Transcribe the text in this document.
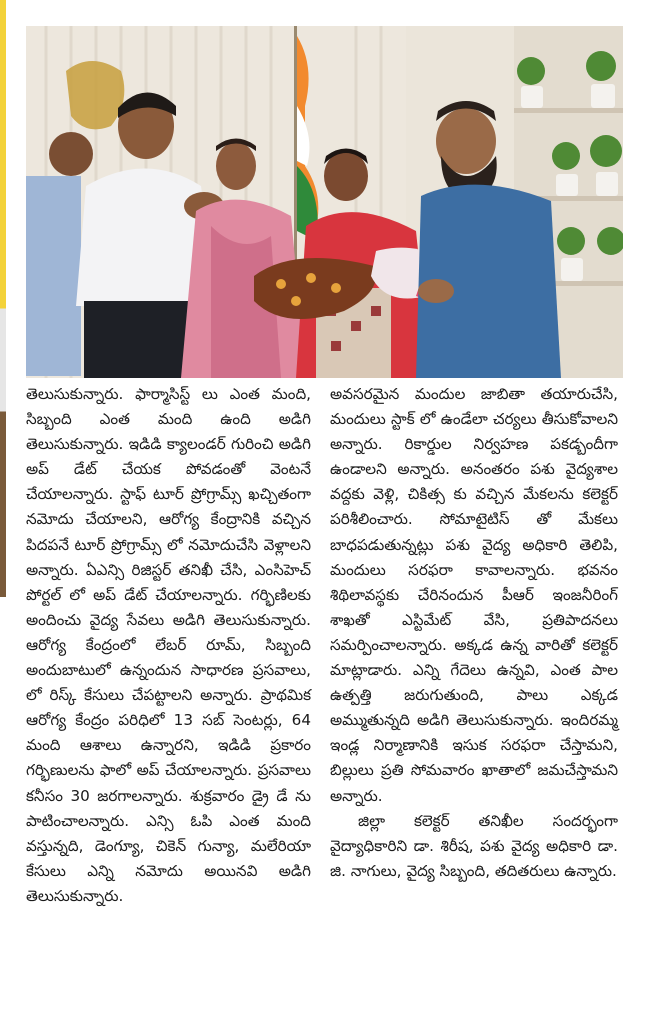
తెలుసుకున్నారు. ఫార్మాసిస్ట్ లు ఎంత మంది, సిబ్బంది ఎంత మంది ఉంది అడిగి తెలుసుకున్నారు. ఇడిడి క్యాలండర్ గురించి అడిగి అప్ డేట్ చేయక పోవడంతో వెంటనే చేయాలన్నారు. స్టాఫ్ టూర్ ప్రోగ్రామ్స్ ఖచ్చితంగా నమోదు చేయాలని, ఆరోగ్య కేంద్రానికి వచ్చిన పిదపనే టూర్ ప్రోగ్రామ్స్ లో నమోదుచేసి వెళ్లాలని అన్నారు. ఏఎన్సి రిజిస్టర్ తనిఖీ చేసి, ఎంసిహెచ్ పోర్టల్ లో అప్ డేట్ చేయాలన్నారు. గర్భిణిలకు అందించు వైద్య సేవలు అడిగి తెలుసుకున్నారు. ఆరోగ్య కేంద్రంలో లేబర్ రూమ్, సిబ్బంది అందుబాటులో ఉన్నందున సాధారణ ప్రసవాలు, లో రిస్క్ కేసులు చేపట్టాలని అన్నారు. ప్రాథమిక ఆరోగ్య కేంద్రం పరిధిలో 13 సబ్ సెంటర్లు, 64 మంది ఆశాలు ఉన్నారని, ఇడిడి ప్రకారం గర్భిణులను ఫాలో అప్ చేయాలన్నారు. ప్రసవాలు కనీసం 30 జరగాలన్నారు. శుక్రవారం డ్రై డే ను పాటించాలన్నారు. ఎన్సి ఓపి ఎంత మంది వస్తున్నది, డెంగ్యూ, చికెన్ గున్యా, మలేరియా కేసులు ఎన్ని నమోదు అయినవి అడిగి తెలుసుకున్నారు.

అవసరమైన మందుల జాబితా తయారుచేసి, మందులు స్టాక్ లో ఉండేలా చర్యలు తీసుకోవాలని అన్నారు. రికార్డుల నిర్వహణ పకడ్బందీగా ఉండాలని అన్నారు. అనంతరం పశు వైద్యశాల వద్దకు వెళ్లి, చికిత్స కు వచ్చిన మేకలను కలెక్టర్ పరిశీలించారు. సోమాటైటిస్ తో మేకలు బాధపడుతున్నట్లు పశు వైద్య అధికారి తెలిపి, మందులు సరఫరా కావాలన్నారు. భవనం శిథిలావస్థకు చేరినందున పీఆర్ ఇంజనీరింగ్ శాఖతో ఎస్టిమేట్ వేసి, ప్రతిపాదనలు సమర్పించాలన్నారు. అక్కడ ఉన్న వారితో కలెక్టర్ మాట్లాడారు. ఎన్ని గేదెలు ఉన్నవి, ఎంత పాల ఉత్పత్తి జరుగుతుంది, పాలు ఎక్కడ అమ్ముతున్నది అడిగి తెలుసుకున్నారు. ఇందిరమ్మ ఇండ్ల నిర్మాణానికి ఇసుక సరఫరా చేస్తామని, బిల్లులు ప్రతి సోమవారం ఖాతాలో జమచేస్తామని అన్నారు.

జిల్లా కలెక్టర్ తనిఖీల సందర్భంగా వైద్యాధికారిని డా. శిరీష, పశు వైద్య అధికారి డా. జి. నాగులు, వైద్య సిబ్బంది, తదితరులు ఉన్నారు.
